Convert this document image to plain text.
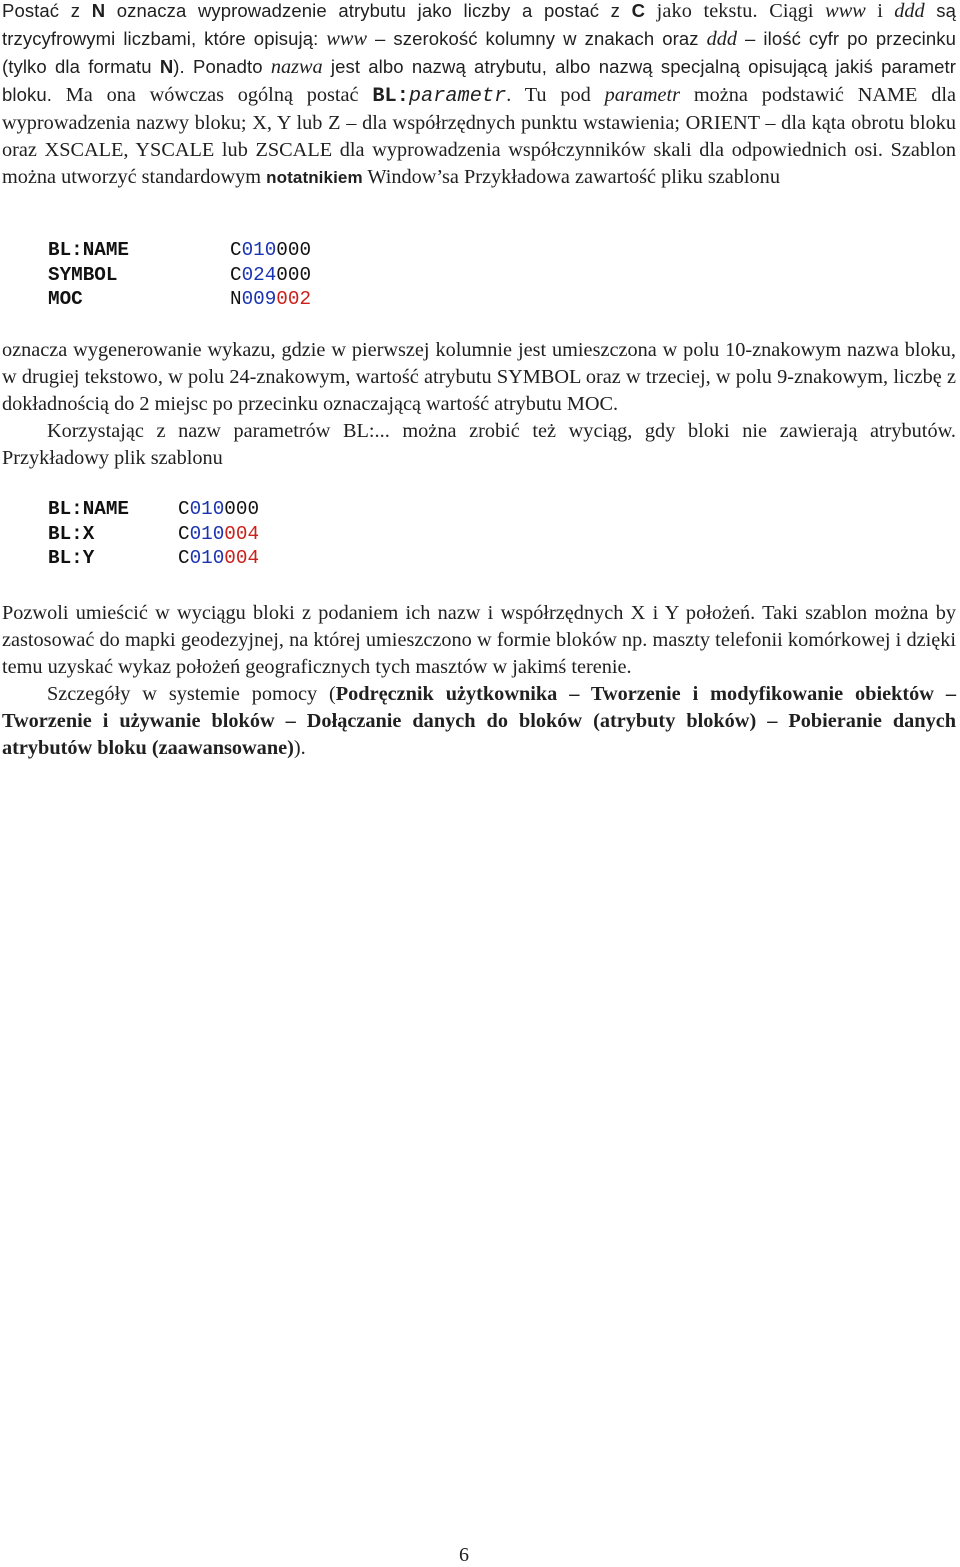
Postać z N oznacza wyprowadzenie atrybutu jako liczby a postać z C jako tekstu. Ciągi www i ddd są trzycyfrowymi liczbami, które opisują: www – szerokość kolumny w znakach oraz ddd – ilość cyfr po przecinku (tylko dla formatu N). Ponadto nazwa jest albo nazwą atrybutu, albo nazwą specjalną opisującą jakiś parametr bloku. Ma ona wówczas ogólną postać BL:parametr. Tu pod parametr można podstawić NAME dla wyprowadzenia nazwy bloku; X, Y lub Z – dla współrzędnych punktu wstawienia; ORIENT – dla kąta obrotu bloku oraz XSCALE, YSCALE lub ZSCALE dla wyprowadzenia współczynników skali dla odpowiednich osi. Szablon można utworzyć standardowym notatnikiem Window’sa Przykładowa zawartość pliku szablonu

BL:NAME	C010000
SYMBOL	C024000
MOC	N009002

oznacza wygenerowanie wykazu, gdzie w pierwszej kolumnie jest umieszczona w polu 10-znakowym nazwa bloku, w drugiej tekstowo, w polu 24-znakowym, wartość atrybutu SYMBOL oraz w trzeciej, w polu 9-znakowym, liczbę z dokładnością do 2 miejsc po przecinku oznaczającą wartość atrybutu MOC.

Korzystając z nazw parametrów BL:... można zrobić też wyciąg, gdy bloki nie zawierają atrybutów. Przykładowy plik szablonu

BL:NAME	C010000
BL:X	C010004
BL:Y	C010004

Pozwoli umieścić w wyciągu bloki z podaniem ich nazw i współrzędnych X i Y położeń. Taki szablon można by zastosować do mapki geodezyjnej, na której umieszczono w formie bloków np. maszty telefonii komórkowej i dzięki temu uzyskać wykaz położeń geograficznych tych masztów w jakimś terenie.

Szczegóły w systemie pomocy (Podręcznik użytkownika – Tworzenie i modyfikowanie obiektów – Tworzenie i używanie bloków – Dołączanie danych do bloków (atrybuty bloków) – Pobieranie danych atrybutów bloku (zaawansowane)).

6
